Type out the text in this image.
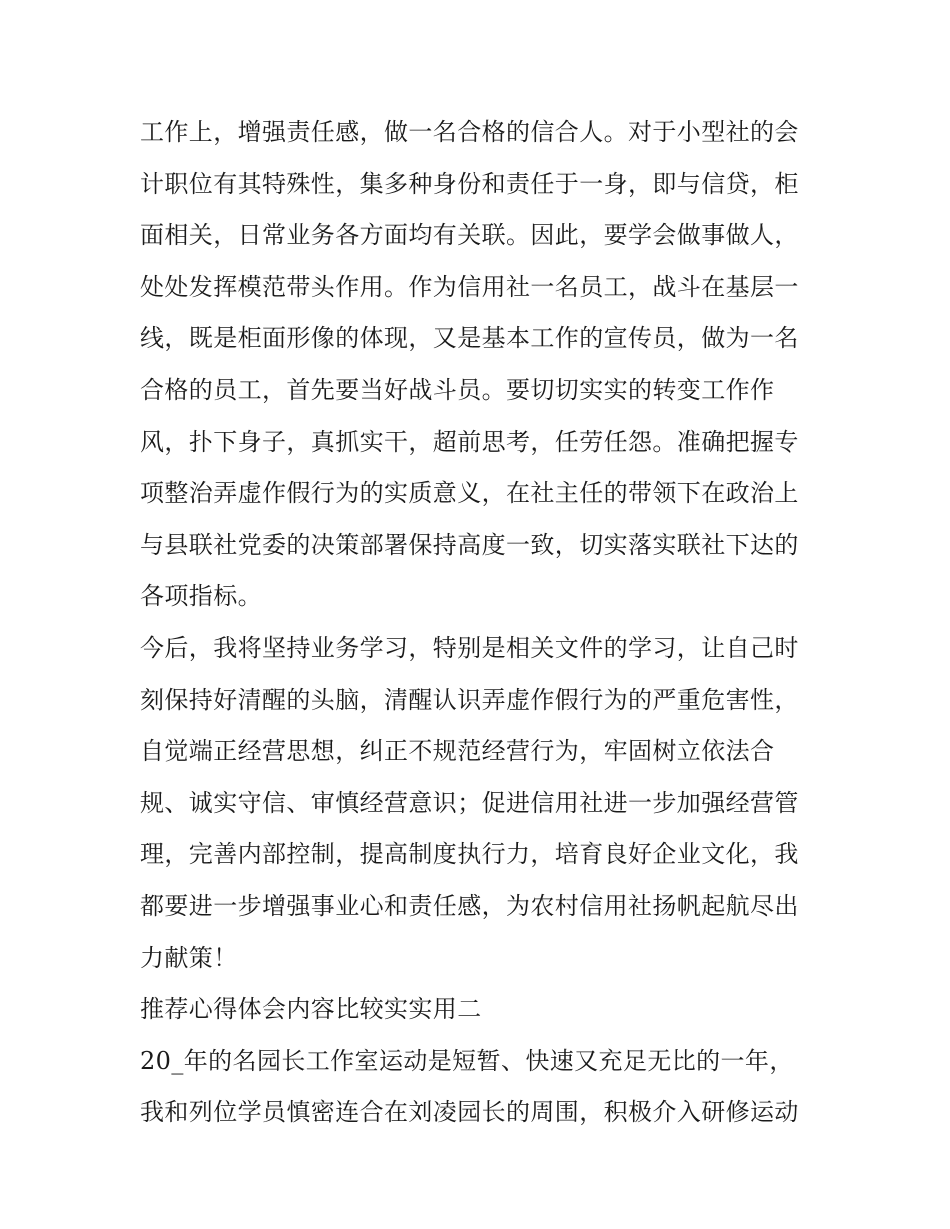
工作上，增强责任感，做一名合格的信合人。对于小型社的会
计职位有其特殊性，集多种身份和责任于一身，即与信贷，柜
面相关，日常业务各方面均有关联。因此，要学会做事做人，
处处发挥模范带头作用。作为信用社一名员工，战斗在基层一
线，既是柜面形像的体现，又是基本工作的宣传员，做为一名
合格的员工，首先要当好战斗员。要切切实实的转变工作作
风，扑下身子，真抓实干，超前思考，任劳任怨。准确把握专
项整治弄虚作假行为的实质意义，在社主任的带领下在政治上
与县联社党委的决策部署保持高度一致，切实落实联社下达的
各项指标。
今后，我将坚持业务学习，特别是相关文件的学习，让自己时
刻保持好清醒的头脑，清醒认识弄虚作假行为的严重危害性，
自觉端正经营思想，纠正不规范经营行为，牢固树立依法合
规、诚实守信、审慎经营意识；促进信用社进一步加强经营管
理，完善内部控制，提高制度执行力，培育良好企业文化，我
都要进一步增强事业心和责任感，为农村信用社扬帆起航尽出
力献策！
推荐心得体会内容比较实实用二
20_年的名园长工作室运动是短暂、快速又充足无比的一年，
我和列位学员慎密连合在刘凌园长的周围，积极介入研修运动
